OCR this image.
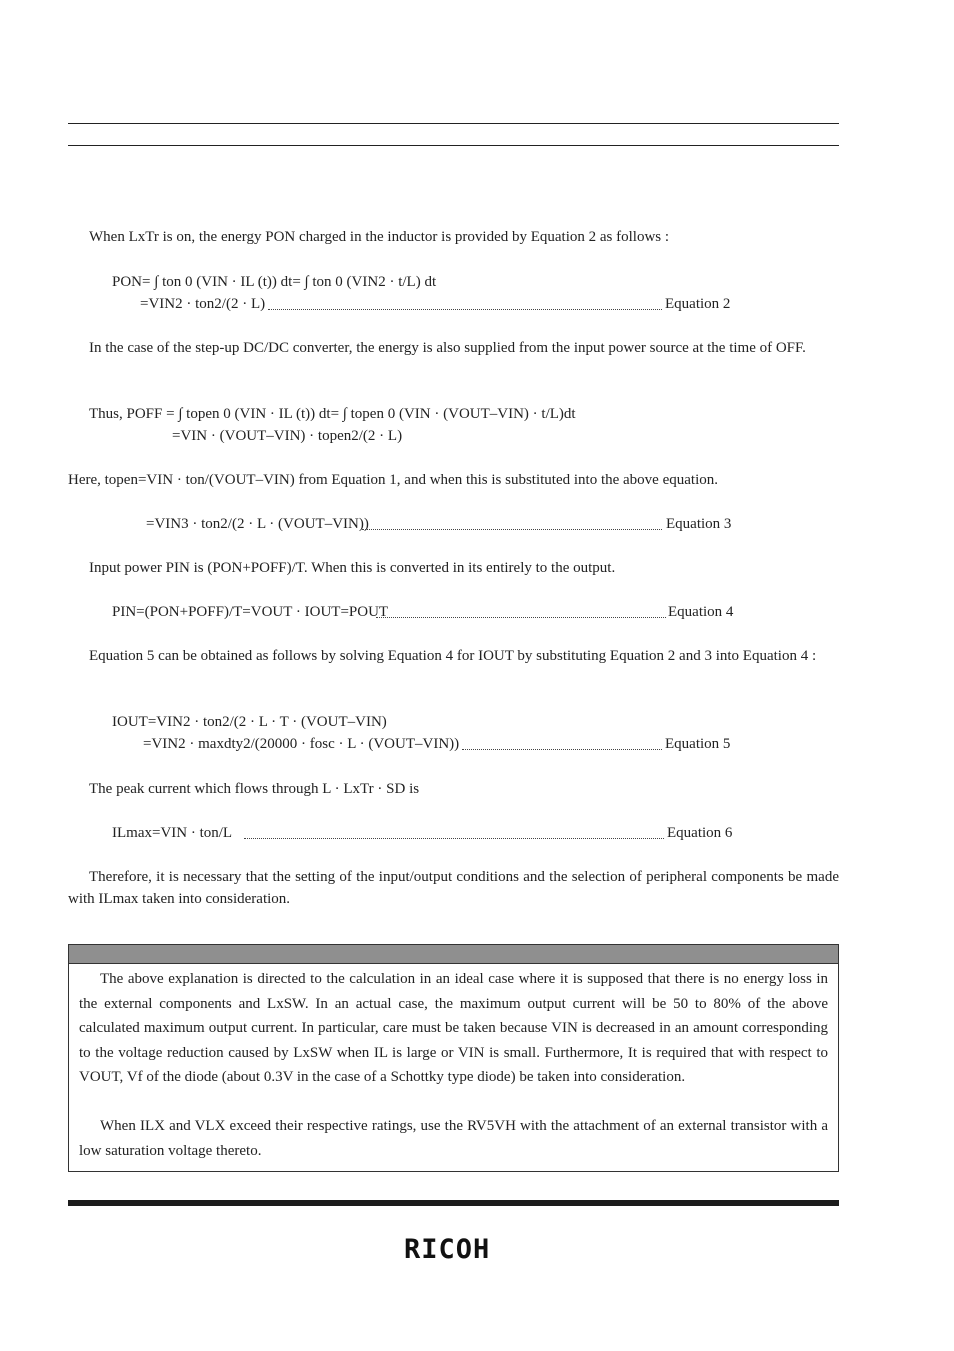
When LxTr is on, the energy PON charged in the inductor is provided by Equation 2 as follows :
PON= ∫ ton 0 (VIN · IL (t)) dt= ∫ ton 0 (VIN2 · t/L) dt
=VIN2 · ton2/(2 · L)	Equation 2
In the case of the step-up DC/DC converter, the energy is also supplied from the input power source at the time of OFF.
Thus, POFF = ∫ topen 0 (VIN · IL (t)) dt= ∫ topen 0 (VIN · (VOUT–VIN) · t/L)dt
=VIN · (VOUT–VIN) · topen2/(2 · L)
Here, topen=VIN · ton/(VOUT–VIN) from Equation 1, and when this is substituted into the above equation.
=VIN3 · ton2/(2 · L · (VOUT–VIN))	Equation 3
Input power PIN is (PON+POFF)/T. When this is converted in its entirely to the output.
PIN=(PON+POFF)/T=VOUT · IOUT=POUT	Equation 4
Equation 5 can be obtained as follows by solving Equation 4 for IOUT by substituting Equation 2 and 3 into Equation 4 :
IOUT=VIN2 · ton2/(2 · L · T · (VOUT–VIN)
=VIN2 · maxdty2/(20000 · fosc · L · (VOUT–VIN))	Equation 5
The peak current which flows through L · LxTr · SD is
ILmax=VIN · ton/L	Equation 6
Therefore, it is necessary that the setting of the input/output conditions and the selection of peripheral components be made with ILmax taken into consideration.
The above explanation is directed to the calculation in an ideal case where it is supposed that there is no energy loss in the external components and LxSW. In an actual case, the maximum output current will be 50 to 80% of the above calculated maximum output current. In particular, care must be taken because VIN is decreased in an amount corresponding to the voltage reduction caused by LxSW when IL is large or VIN is small. Furthermore, It is required that with respect to VOUT, Vf of the diode (about 0.3V in the case of a Schottky type diode) be taken into consideration.
When ILX and VLX exceed their respective ratings, use the RV5VH with the attachment of an external transistor with a low saturation voltage thereto.
RICOH
